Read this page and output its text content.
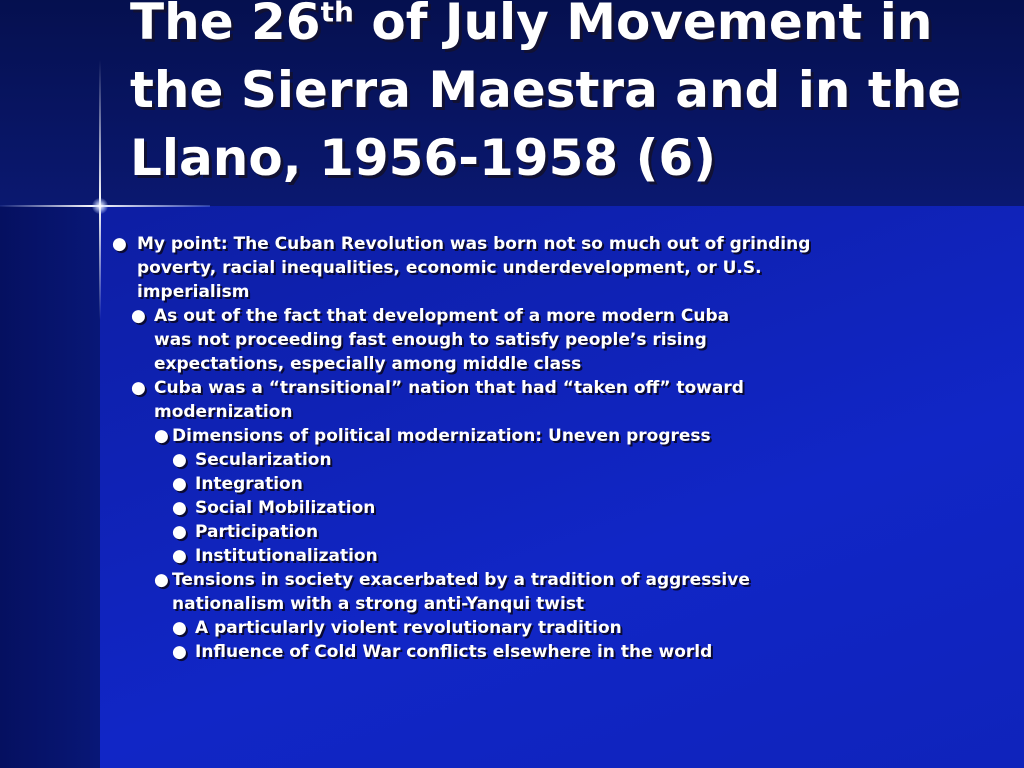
The 26th of July Movement in the Sierra Maestra and in the Llano, 1956-1958 (6)
● My point: The Cuban Revolution was born not so much out of grinding poverty, racial inequalities, economic underdevelopment, or U.S. imperialism
● As out of the fact that development of a more modern Cuba was not proceeding fast enough to satisfy people’s rising expectations, especially among middle class
● Cuba was a “transitional” nation that had “taken off” toward modernization
● Dimensions of political modernization: Uneven progress
● Secularization
● Integration
● Social Mobilization
● Participation
● Institutionalization
● Tensions in society exacerbated by a tradition of aggressive nationalism with a strong anti-Yanqui twist
● A particularly violent revolutionary tradition
● Influence of Cold War conflicts elsewhere in the world
